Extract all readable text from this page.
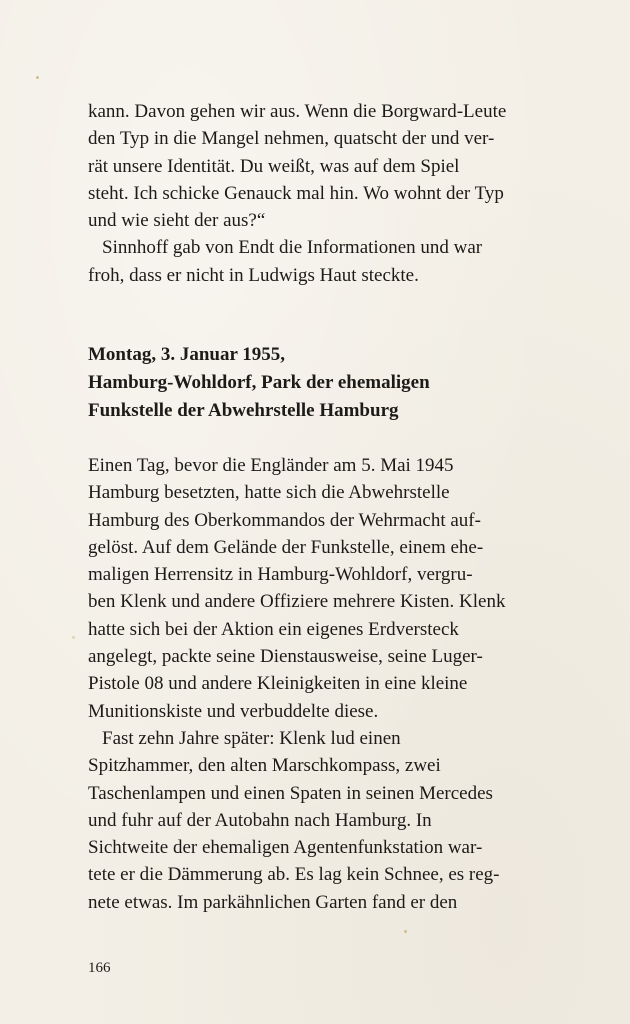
kann. Davon gehen wir aus. Wenn die Borgward-Leute
den Typ in die Mangel nehmen, quatscht der und ver-
rät unsere Identität. Du weißt, was auf dem Spiel
steht. Ich schicke Genauck mal hin. Wo wohnt der Typ
und wie sieht der aus?“
Sinnhoff gab von Endt die Informationen und war
froh, dass er nicht in Ludwigs Haut steckte.
Montag, 3. Januar 1955,
Hamburg-Wohldorf, Park der ehemaligen
Funkstelle der Abwehrstelle Hamburg
Einen Tag, bevor die Engländer am 5. Mai 1945
Hamburg besetzten, hatte sich die Abwehrstelle
Hamburg des Oberkommandos der Wehrmacht auf-
gelöst. Auf dem Gelände der Funkstelle, einem ehe-
maligen Herrensitz in Hamburg-Wohldorf, vergru-
ben Klenk und andere Offiziere mehrere Kisten. Klenk
hatte sich bei der Aktion ein eigenes Erdversteck
angelegt, packte seine Dienstausweise, seine Luger-
Pistole 08 und andere Kleinigkeiten in eine kleine
Munitionskiste und verbuddelte diese.
Fast zehn Jahre später: Klenk lud einen
Spitzhammer, den alten Marschkompass, zwei
Taschenlampen und einen Spaten in seinen Mercedes
und fuhr auf der Autobahn nach Hamburg. In
Sichtweite der ehemaligen Agentenfunkstation war-
tete er die Dämmerung ab. Es lag kein Schnee, es reg-
nete etwas. Im parkähnlichen Garten fand er den
166
